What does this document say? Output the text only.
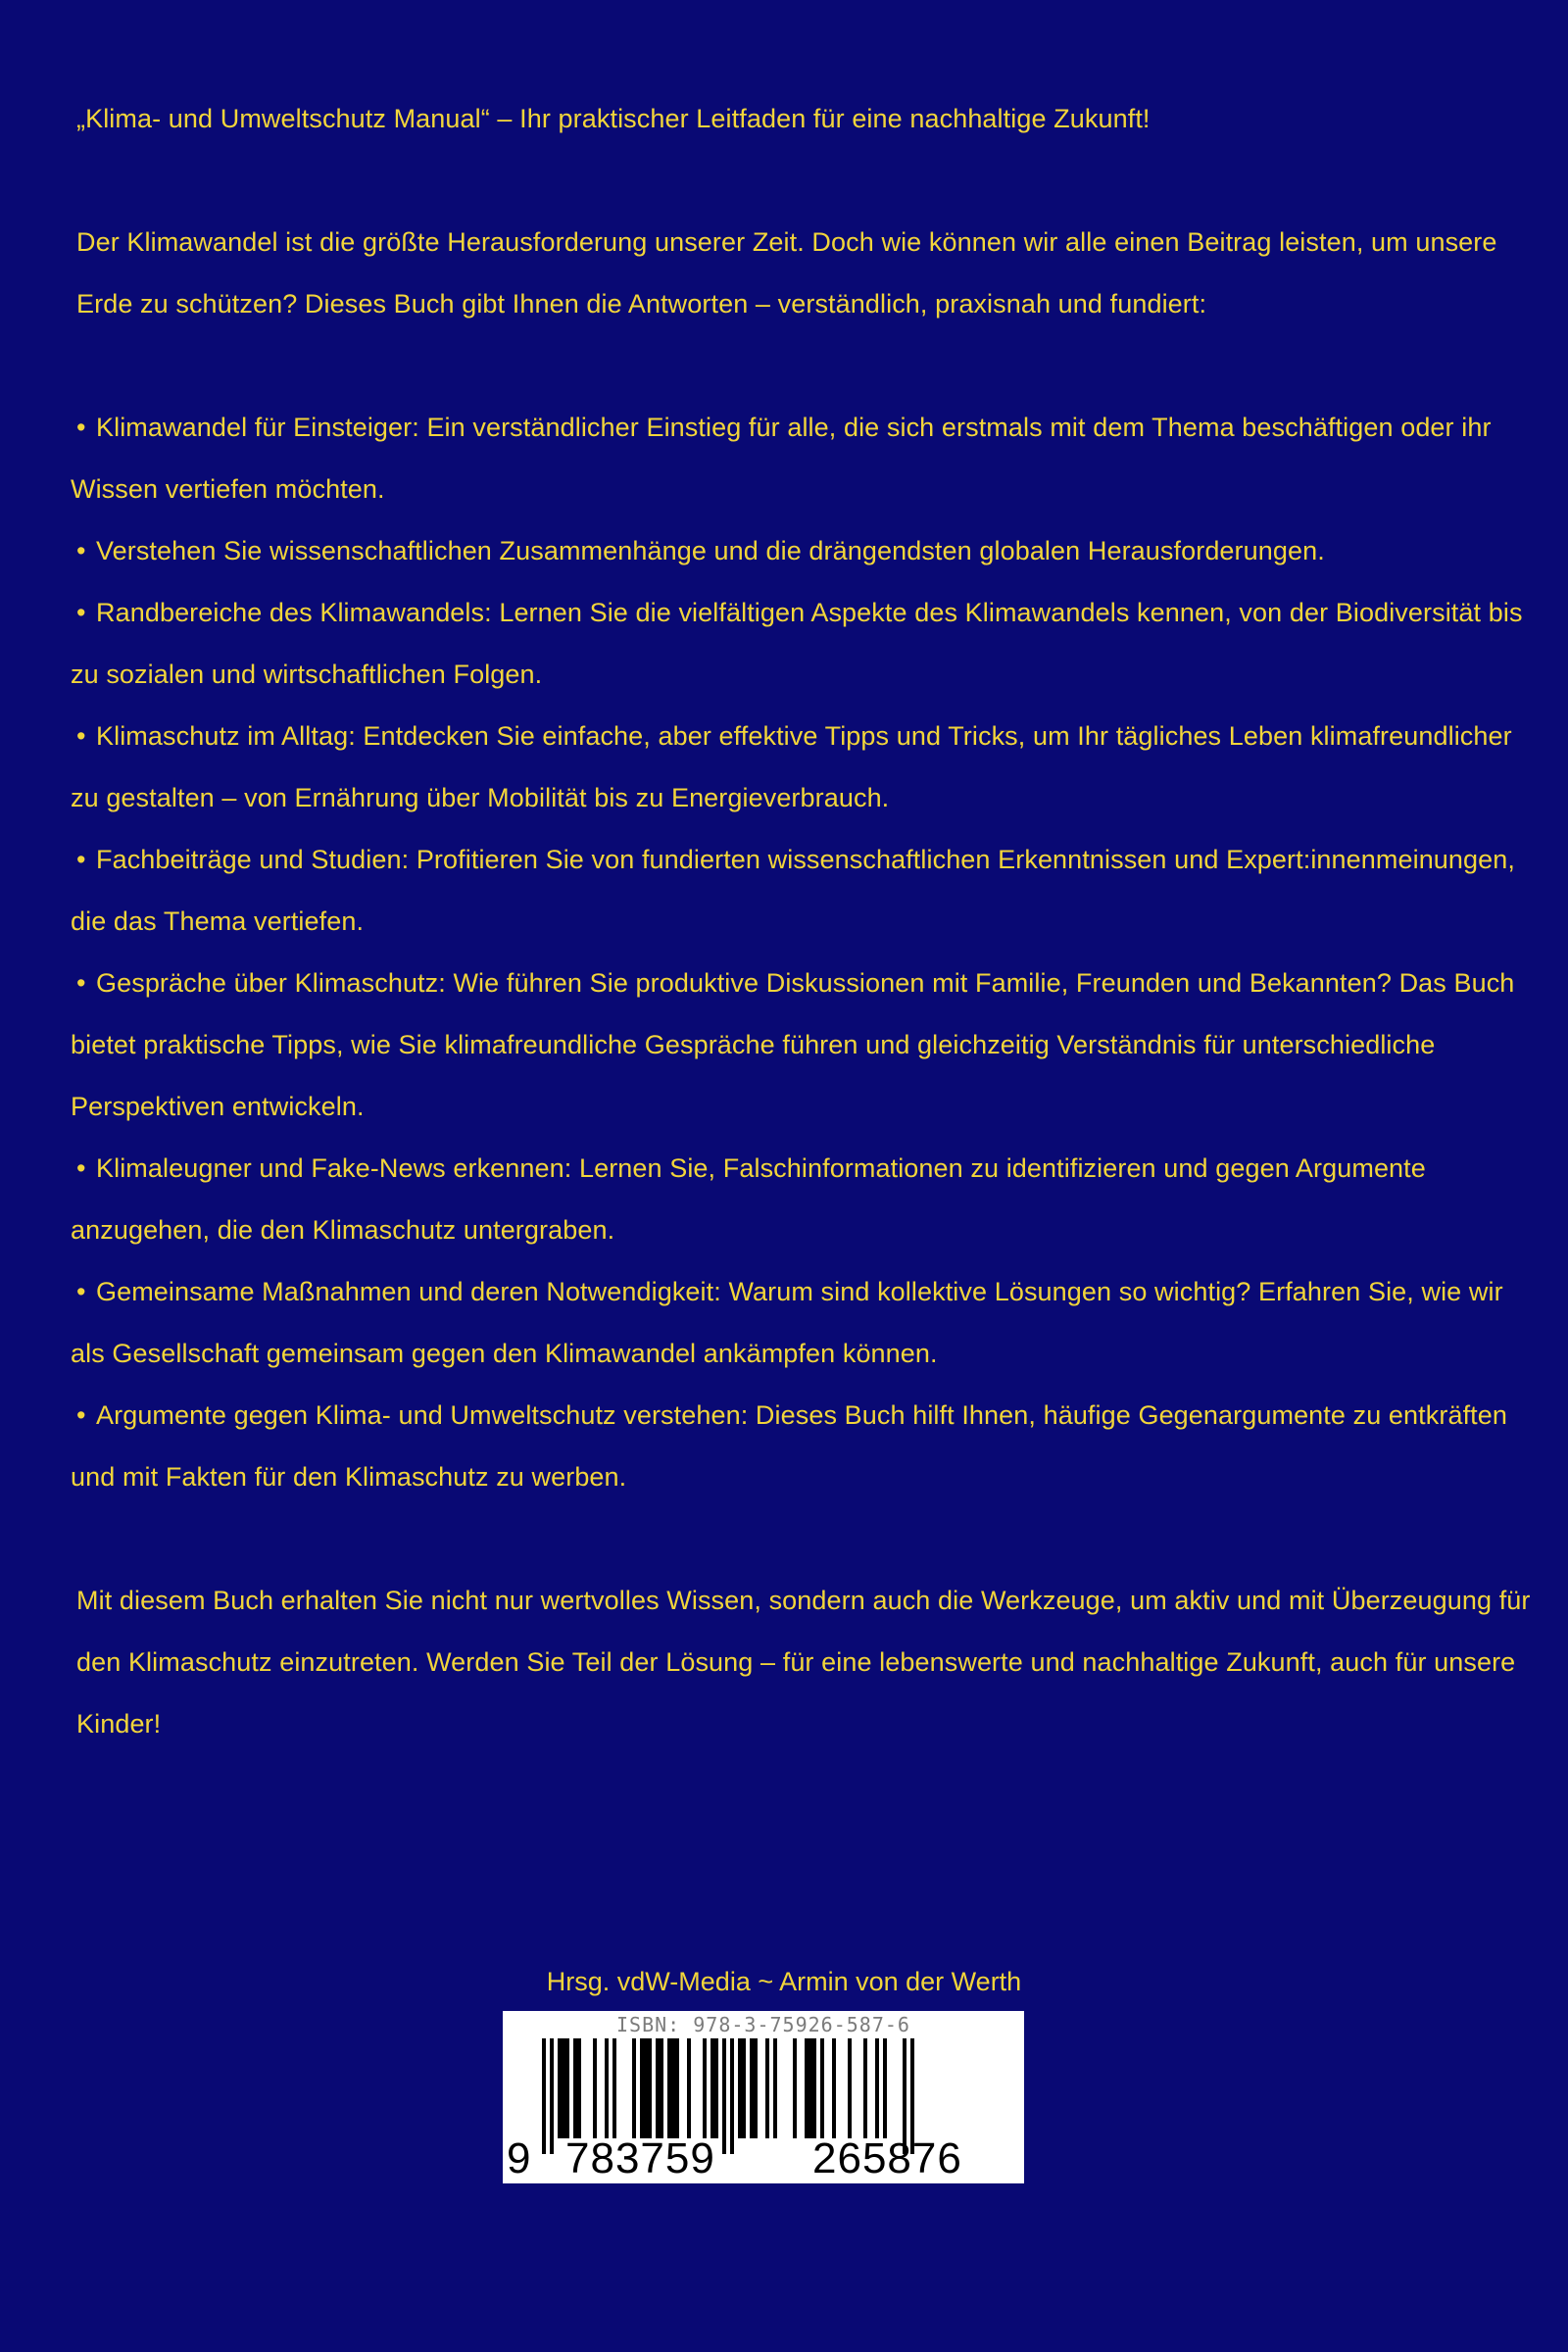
„Klima- und Umweltschutz Manual“ – Ihr praktischer Leitfaden für eine nachhaltige Zukunft!

Der Klimawandel ist die größte Herausforderung unserer Zeit. Doch wie können wir alle einen Beitrag leisten, um unsere Erde zu schützen? Dieses Buch gibt Ihnen die Antworten – verständlich, praxisnah und fundiert:

• Klimawandel für Einsteiger: Ein verständlicher Einstieg für alle, die sich erstmals mit dem Thema beschäftigen oder ihr Wissen vertiefen möchten.
• Verstehen Sie wissenschaftlichen Zusammenhänge und die drängendsten globalen Herausforderungen.
• Randbereiche des Klimawandels: Lernen Sie die vielfältigen Aspekte des Klimawandels kennen, von der Biodiversität bis zu sozialen und wirtschaftlichen Folgen.
• Klimaschutz im Alltag: Entdecken Sie einfache, aber effektive Tipps und Tricks, um Ihr tägliches Leben klimafreundlicher zu gestalten – von Ernährung über Mobilität bis zu Energieverbrauch.
• Fachbeiträge und Studien: Profitieren Sie von fundierten wissenschaftlichen Erkenntnissen und Expert:innenmeinungen, die das Thema vertiefen.
• Gespräche über Klimaschutz: Wie führen Sie produktive Diskussionen mit Familie, Freunden und Bekannten? Das Buch bietet praktische Tipps, wie Sie klimafreundliche Gespräche führen und gleichzeitig Verständnis für unterschiedliche Perspektiven entwickeln.
• Klimaleugner und Fake-News erkennen: Lernen Sie, Falschinformationen zu identifizieren und gegen Argumente anzugehen, die den Klimaschutz untergraben.
• Gemeinsame Maßnahmen und deren Notwendigkeit: Warum sind kollektive Lösungen so wichtig? Erfahren Sie, wie wir als Gesellschaft gemeinsam gegen den Klimawandel ankämpfen können.
• Argumente gegen Klima- und Umweltschutz verstehen: Dieses Buch hilft Ihnen, häufige Gegenargumente zu entkräften und mit Fakten für den Klimaschutz zu werben.

Mit diesem Buch erhalten Sie nicht nur wertvolles Wissen, sondern auch die Werkzeuge, um aktiv und mit Überzeugung für den Klimaschutz einzutreten. Werden Sie Teil der Lösung – für eine lebenswerte und nachhaltige Zukunft, auch für unsere Kinder!

Hrsg. vdW-Media ~ Armin von der Werth
ISBN: 978-3-75926-587-6
9 783759 265876
